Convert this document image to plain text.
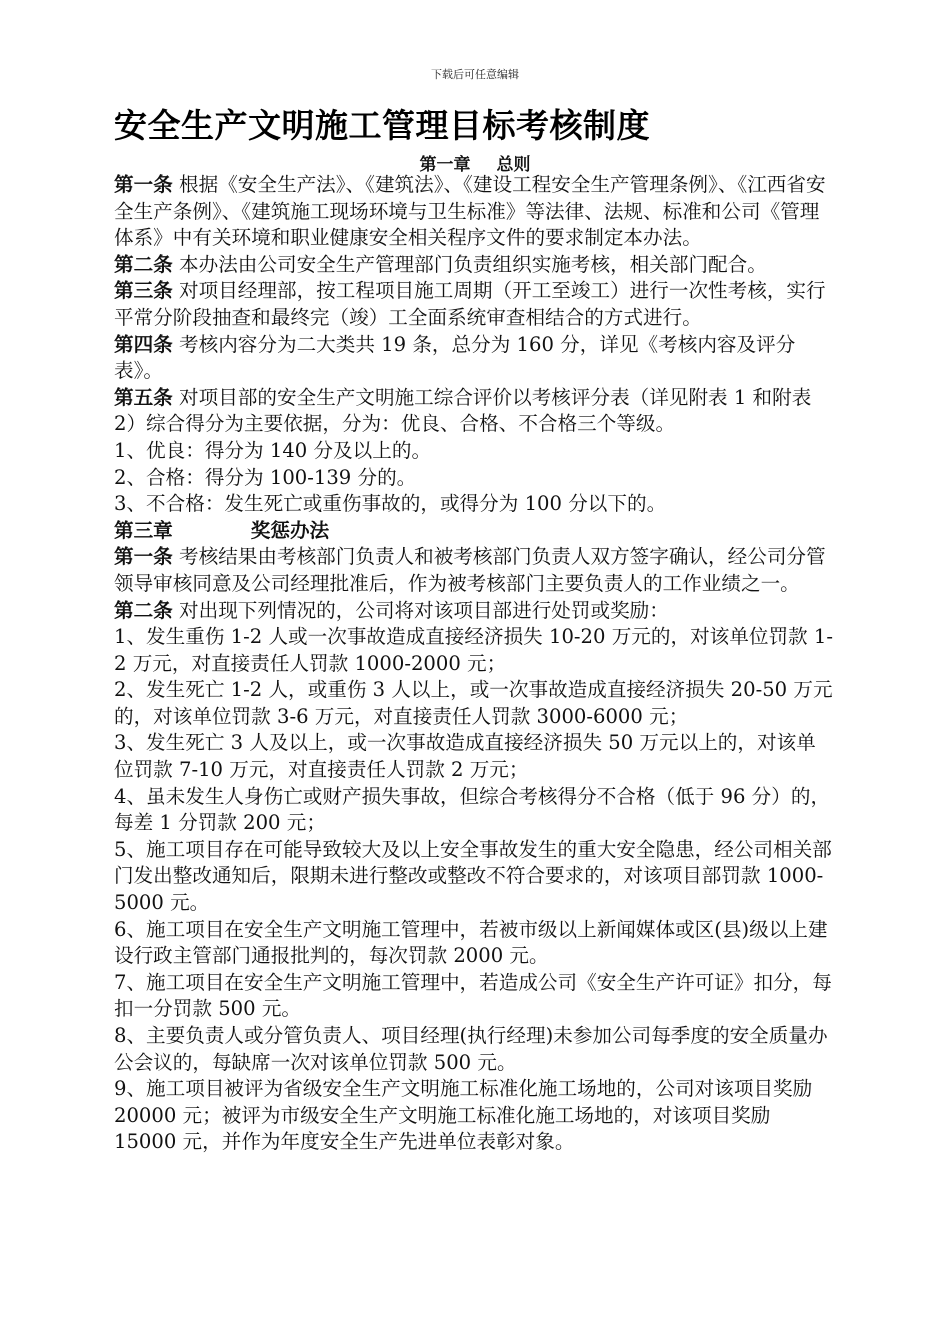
下载后可任意编辑
安全生产文明施工管理目标考核制度
第一章 总则

第一条 根据《安全生产法》、《建筑法》、《建设工程安全生产管理条例》、《江西省安全生产条例》、《建筑施工现场环境与卫生标准》等法律、法规、标准和公司《管理体系》中有关环境和职业健康安全相关程序文件的要求制定本办法。

第二条 本办法由公司安全生产管理部门负责组织实施考核，相关部门配合。

第三条 对项目经理部，按工程项目施工周期（开工至竣工）进行一次性考核，实行平常分阶段抽查和最终完（竣）工全面系统审查相结合的方式进行。

第四条 考核内容分为二大类共 19 条，总分为 160 分，详见《考核内容及评分表》。

第五条 对项目部的安全生产文明施工综合评价以考核评分表（详见附表 1 和附表 2）综合得分为主要依据，分为：优良、合格、不合格三个等级。

1、优良：得分为 140 分及以上的。

2、合格：得分为 100-139 分的。

3、不合格：发生死亡或重伤事故的，或得分为 100 分以下的。

第三章	奖惩办法

第一条 考核结果由考核部门负责人和被考核部门负责人双方签字确认，经公司分管领导审核同意及公司经理批准后，作为被考核部门主要负责人的工作业绩之一。

第二条 对出现下列情况的，公司将对该项目部进行处罚或奖励：

1、发生重伤 1-2 人或一次事故造成直接经济损失 10-20 万元的，对该单位罚款 1-2 万元，对直接责任人罚款 1000-2000 元；

2、发生死亡 1-2 人，或重伤 3 人以上，或一次事故造成直接经济损失 20-50 万元的，对该单位罚款 3-6 万元，对直接责任人罚款 3000-6000 元；

3、发生死亡 3 人及以上，或一次事故造成直接经济损失 50 万元以上的，对该单位罚款 7-10 万元，对直接责任人罚款 2 万元；

4、虽未发生人身伤亡或财产损失事故，但综合考核得分不合格（低于 96 分）的，每差 1 分罚款 200 元；

5、施工项目存在可能导致较大及以上安全事故发生的重大安全隐患，经公司相关部门发出整改通知后，限期未进行整改或整改不符合要求的，对该项目部罚款 1000-5000 元。

6、施工项目在安全生产文明施工管理中，若被市级以上新闻媒体或区(县)级以上建设行政主管部门通报批判的，每次罚款 2000 元。

7、施工项目在安全生产文明施工管理中，若造成公司《安全生产许可证》扣分，每扣一分罚款 500 元。

8、主要负责人或分管负责人、项目经理(执行经理)未参加公司每季度的安全质量办公会议的，每缺席一次对该单位罚款 500 元。

9、施工项目被评为省级安全生产文明施工标准化施工场地的，公司对该项目奖励 20000 元；被评为市级安全生产文明施工标准化施工场地的，对该项目奖励 15000 元，并作为年度安全生产先进单位表彰对象。
